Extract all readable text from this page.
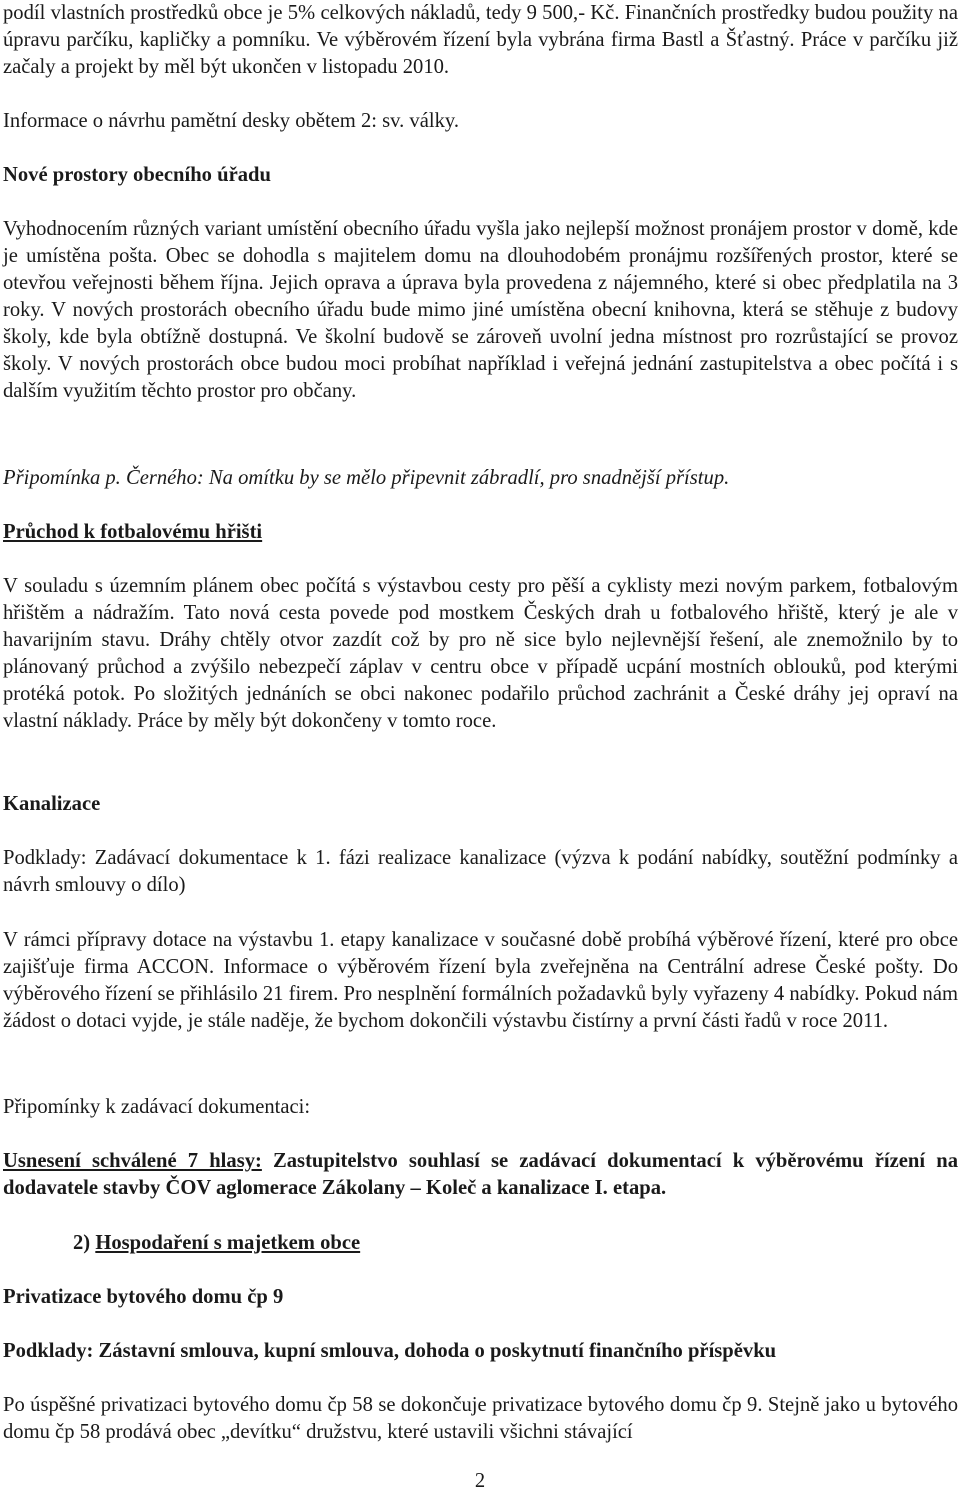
podíl vlastních prostředků obce je 5% celkových nákladů, tedy 9 500,- Kč. Finančních prostředky budou použity na úpravu parčíku, kapličky a pomníku. Ve výběrovém řízení byla vybrána firma Bastl a Šťastný. Práce v parčíku již začaly a projekt by měl být ukončen v listopadu 2010.

Informace o návrhu pamětní desky obětem 2: sv. války.

Nové prostory obecního úřadu

Vyhodnocením různých variant umístění obecního úřadu vyšla jako nejlepší možnost pronájem prostor v domě, kde je umístěna pošta. Obec se dohodla s majitelem domu na dlouhodobém pronájmu rozšířených prostor, které se otevřou veřejnosti během října. Jejich oprava a úprava byla provedena z nájemného, které si obec předplatila na 3 roky. V nových prostorách obecního úřadu bude mimo jiné umístěna obecní knihovna, která se stěhuje z budovy školy, kde byla obtížně dostupná. Ve školní budově se zároveň uvolní jedna místnost pro rozrůstající se provoz školy. V nových prostorách obce budou moci probíhat například i veřejná jednání zastupitelstva a obec počítá i s dalším využitím těchto prostor pro občany.

Připomínka p. Černého: Na omítku by se mělo připevnit zábradlí, pro snadnější přístup.

Průchod k fotbalovému hřišti

V souladu s územním plánem obec počítá s výstavbou cesty pro pěší a cyklisty mezi novým parkem, fotbalovým hřištěm a nádražím. Tato nová cesta povede pod mostkem Českých drah u fotbalového hřiště, který je ale v havarijním stavu. Dráhy chtěly otvor zazdít což by pro ně sice bylo nejlevnější řešení, ale znemožnilo by to plánovaný průchod a zvýšilo nebezpečí záplav v centru obce v případě ucpání mostních oblouků, pod kterými protéká potok. Po složitých jednáních se obci nakonec podařilo průchod zachránit a České dráhy jej opraví na vlastní náklady. Práce by měly být dokončeny v tomto roce.

Kanalizace

Podklady: Zadávací dokumentace k 1. fázi realizace kanalizace (výzva k podání nabídky, soutěžní podmínky a návrh smlouvy o dílo)

V rámci přípravy dotace na výstavbu 1. etapy kanalizace v současné době probíhá výběrové řízení, které pro obce zajišťuje firma ACCON. Informace o výběrovém řízení byla zveřejněna na Centrální adrese České pošty. Do výběrového řízení se přihlásilo 21 firem. Pro nesplnění formálních požadavků byly vyřazeny 4 nabídky. Pokud nám žádost o dotaci vyjde, je stále naděje, že bychom dokončili výstavbu čistírny a první části řadů v roce 2011.

Připomínky k zadávací dokumentaci:

Usnesení schválené 7 hlasy: Zastupitelstvo souhlasí se zadávací dokumentací k výběrovému řízení na dodavatele stavby ČOV aglomerace Zákolany – Koleč a kanalizace I. etapa.

2) Hospodaření s majetkem obce

Privatizace bytového domu čp 9

Podklady: Zástavní smlouva, kupní smlouva, dohoda o poskytnutí finančního příspěvku

Po úspěšné privatizaci bytového domu čp 58 se dokončuje privatizace bytového domu čp 9. Stejně jako u bytového domu čp 58 prodává obec „devítku“ družstvu, které ustavili všichni stávající

2
